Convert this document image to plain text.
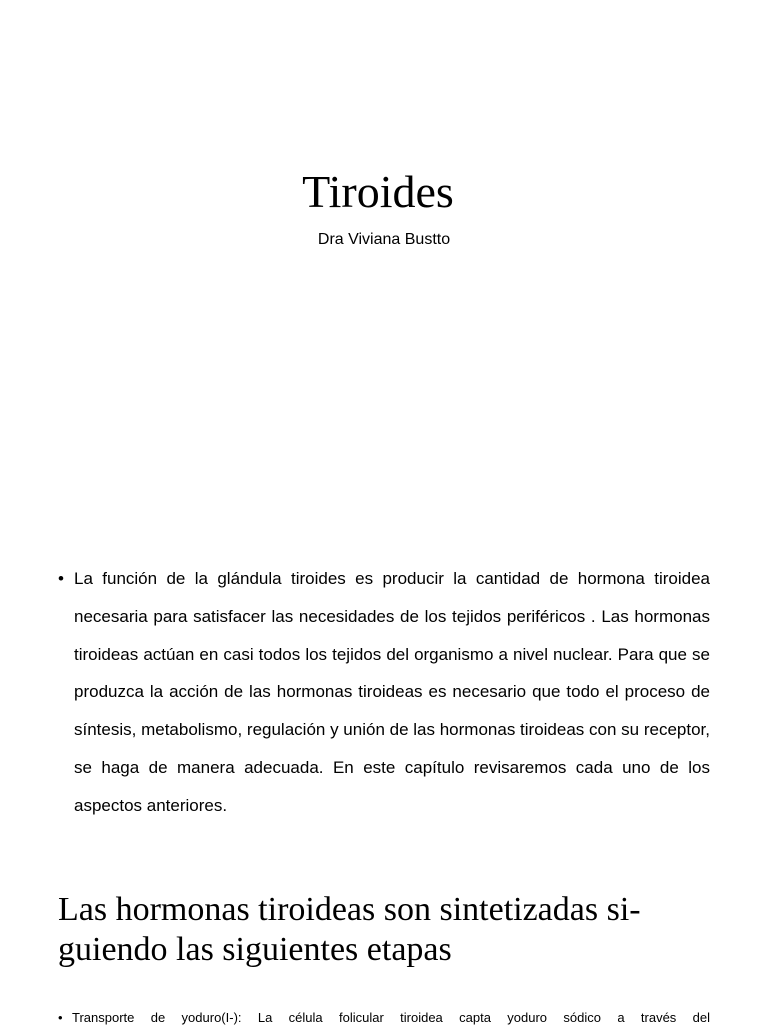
Tiroides
Dra Viviana Bustto
• La función de la glándula tiroides es producir la cantidad de hormona tiroidea necesaria para satisfacer las necesidades de los tejidos periféricos . Las hormonas tiroideas actúan en casi todos los tejidos del organismo a nivel nuclear. Para que se produzca la acción de las hormonas tiroideas es necesario que todo el proceso de síntesis, metabolismo, regulación y unión de las hormonas tiroideas con su receptor, se haga de manera adecuada. En este capítulo revisaremos cada uno de los aspectos anteriores.
Las hormonas tiroideas son sintetizadas si-guiendo las siguientes etapas
• Transporte de yoduro(I-): La célula folicular tiroidea capta yoduro sódico a través del
